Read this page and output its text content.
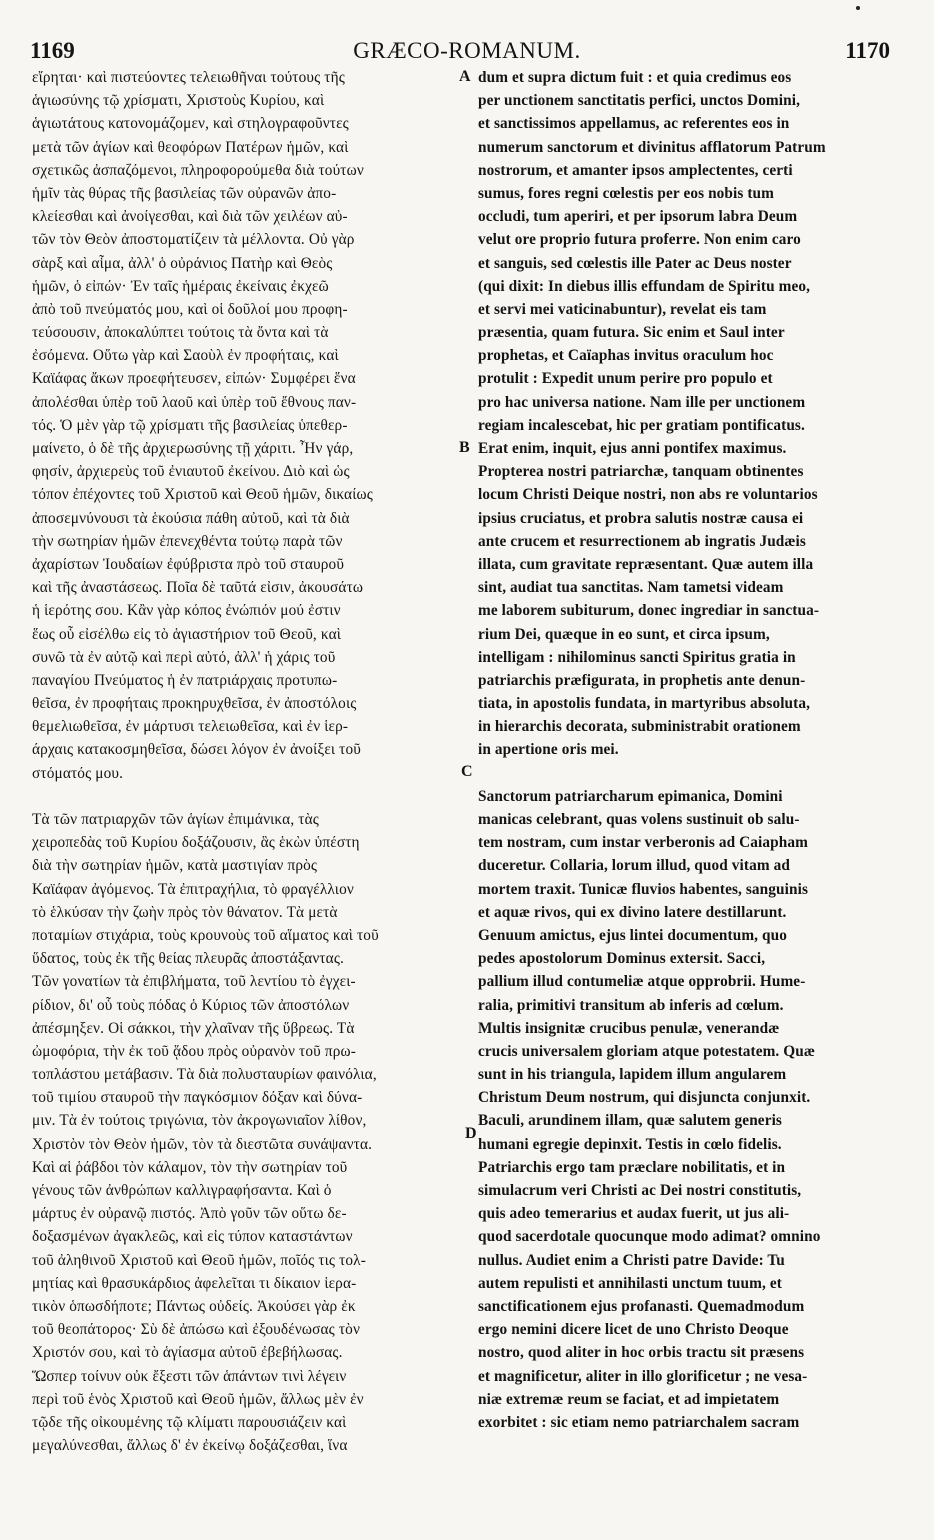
1169	GRÆCO-ROMANUM.	1170
εἴρηται· καὶ πιστεύοντες τελειωθῆναι τούτους τῆς
ἁγιωσύνης τῷ χρίσματι, Χριστοὺς Κυρίου, καὶ
ἁγιωτάτους κατονομάζομεν, καὶ στηλογραφοῦντες
μετὰ τῶν ἁγίων καὶ θεοφόρων Πατέρων ἡμῶν, καὶ
σχετικῶς ἀσπαζόμενοι, πληροφορούμεθα διὰ τούτων
ἡμῖν τὰς θύρας τῆς βασιλείας τῶν οὐρανῶν ἀπο-
κλείεσθαι καὶ ἀνοίγεσθαι, καὶ διὰ τῶν χειλέων αὐ-
τῶν τὸν Θεὸν ἀποστοματίζειν τὰ μέλλοντα. Οὐ γὰρ
σὰρξ καὶ αἷμα, ἀλλ' ὁ οὐράνιος Πατὴρ καὶ Θεὸς
ἡμῶν, ὁ εἰπών· Ἐν ταῖς ἡμέραις ἐκείναις ἐκχεῶ
ἀπὸ τοῦ πνεύματός μου, καὶ οἱ δοῦλοί μου προφη-
τεύσουσιν, ἀποκαλύπτει τούτοις τὰ ὄντα καὶ τὰ
ἐσόμενα. Οὕτω γὰρ καὶ Σαοὺλ ἐν προφήταις, καὶ
Καϊάφας ἄκων προεφήτευσεν, εἰπών· Συμφέρει ἕνα
ἀπολέσθαι ὑπὲρ τοῦ λαοῦ καὶ ὑπὲρ τοῦ ἔθνους παν-
τός. Ὁ μὲν γὰρ τῷ χρίσματι τῆς βασιλείας ὑπεθερ-
μαίνετο, ὁ δὲ τῆς ἀρχιερωσύνης τῇ χάριτι. Ἦν γάρ,
φησίν, ἀρχιερεὺς τοῦ ἐνιαυτοῦ ἐκείνου. Διὸ καὶ ὡς
τόπον ἐπέχοντες τοῦ Χριστοῦ καὶ Θεοῦ ἡμῶν, δικαίως
ἀποσεμνύνουσι τὰ ἑκούσια πάθη αὐτοῦ, καὶ τὰ διὰ
τὴν σωτηρίαν ἡμῶν ἐπενεχθέντα τούτῳ παρὰ τῶν
ἀχαρίστων Ἰουδαίων ἐφύβριστα πρὸ τοῦ σταυροῦ
καὶ τῆς ἀναστάσεως. Ποῖα δὲ ταῦτά εἰσιν, ἀκουσάτω
ἡ ἱερότης σου. Κἂν γὰρ κόπος ἐνώπιόν μού ἐστιν
ἕως οὗ εἰσέλθω εἰς τὸ ἁγιαστήριον τοῦ Θεοῦ, καὶ
συνῶ τὰ ἐν αὐτῷ καὶ περὶ αὐτό, ἀλλ' ἡ χάρις τοῦ
παναγίου Πνεύματος ἡ ἐν πατριάρχαις προτυπω-
θεῖσα, ἐν προφήταις προκηρυχθεῖσα, ἐν ἀποστόλοις
θεμελιωθεῖσα, ἐν μάρτυσι τελειωθεῖσα, καὶ ἐν ἱερ-
άρχαις κατακοσμηθεῖσα, δώσει λόγον ἐν ἀνοίξει τοῦ
στόματός μου.
Τὰ τῶν πατριαρχῶν τῶν ἁγίων ἐπιμάνικα, τὰς
χειροπεδὰς τοῦ Κυρίου δοξάζουσιν, ἃς ἑκὼν ὑπέστη
διὰ τὴν σωτηρίαν ἡμῶν, κατὰ μαστιγίαν πρὸς
Καϊάφαν ἀγόμενος. Τὰ ἐπιτραχήλια, τὸ φραγέλλιον
τὸ ἑλκύσαν τὴν ζωὴν πρὸς τὸν θάνατον. Τὰ μετὰ
ποταμίων στιχάρια, τοὺς κρουνοὺς τοῦ αἵματος καὶ τοῦ
ὕδατος, τοὺς ἐκ τῆς θείας πλευρᾶς ἀποστάξαντας.
Τῶν γονατίων τὰ ἐπιβλήματα, τοῦ λεντίου τὸ ἐγχει-
ρίδιον, δι' οὗ τοὺς πόδας ὁ Κύριος τῶν ἀποστόλων
ἀπέσμηξεν. Οἱ σάκκοι, τὴν χλαῖναν τῆς ὕβρεως. Τὰ
ὠμοφόρια, τὴν ἐκ τοῦ ᾅδου πρὸς οὐρανὸν τοῦ πρω-
τοπλάστου μετάβασιν. Τὰ διὰ πολυσταυρίων φαινόλια,
τοῦ τιμίου σταυροῦ τὴν παγκόσμιον δόξαν καὶ δύνα-
μιν. Τὰ ἐν τούτοις τριγώνια, τὸν ἀκρογωνιαῖον λίθον,
Χριστὸν τὸν Θεὸν ἡμῶν, τὸν τὰ διεστῶτα συνάψαντα.
Καὶ αἱ ῥάβδοι τὸν κάλαμον, τὸν τὴν σωτηρίαν τοῦ
γένους τῶν ἀνθρώπων καλλιγραφήσαντα. Καὶ ὁ
μάρτυς ἐν οὐρανῷ πιστός. Ἀπὸ γοῦν τῶν οὕτω δε-
δοξασμένων ἀγακλεῶς, καὶ εἰς τύπον καταστάντων
τοῦ ἀληθινοῦ Χριστοῦ καὶ Θεοῦ ἡμῶν, ποῖός τις τολ-
μητίας καὶ θρασυκάρδιος ἀφελεῖται τι δίκαιον ἱερα-
τικὸν ὁπωσδήποτε; Πάντως οὐδείς. Ἀκούσει γὰρ ἐκ
τοῦ θεοπάτορος· Σὺ δὲ ἀπώσω καὶ ἐξουδένωσας τὸν
Χριστόν σου, καὶ τὸ ἁγίασμα αὐτοῦ ἐβεβήλωσας.
Ὥσπερ τοίνυν οὐκ ἔξεστι τῶν ἁπάντων τινὶ λέγειν
περὶ τοῦ ἑνὸς Χριστοῦ καὶ Θεοῦ ἡμῶν, ἄλλως μὲν ἐν
τῷδε τῆς οἰκουμένης τῷ κλίματι παρουσιάζειν καὶ
μεγαλύνεσθαι, ἄλλως δ' ἐν ἐκείνῳ δοξάζεσθαι, ἵνα
dum et supra dictum fuit : et quia credimus eos
per unctionem sanctitatis perfici, unctos Domini,
et sanctissimos appellamus, ac referentes eos in
numerum sanctorum et divinitus afflatorum Patrum
nostrorum, et amanter ipsos amplectentes, certi
sumus, fores regni cœlestis per eos nobis tum
occludi, tum aperiri, et per ipsorum labra Deum
velut ore proprio futura proferre. Non enim caro
et sanguis, sed cœlestis ille Pater ac Deus noster
(qui dixit: In diebus illis effundam de Spiritu meo,
et servi mei vaticinabuntur), revelat eis tam
præsentia, quam futura. Sic enim et Saul inter
prophetas, et Caïaphas invitus oraculum hoc
protulit : Expedit unum perire pro populo et
pro hac universa natione. Nam ille per unctionem
regiam incalescebat, hic per gratiam pontificatus.
Erat enim, inquit, ejus anni pontifex maximus.
Propterea nostri patriarchæ, tanquam obtinentes
locum Christi Deique nostri, non abs re voluntarios
ipsius cruciatus, et probra salutis nostræ causa ei
ante crucem et resurrectionem ab ingratis Judæis
illata, cum gravitate repræsentant. Quæ autem illa
sint, audiat tua sanctitas. Nam tametsi videam
me laborem subiturum, donec ingrediar in sanctua-
rium Dei, quæque in eo sunt, et circa ipsum,
intelligam : nihilominus sancti Spiritus gratia in
patriarchis præfigurata, in prophetis ante denun-
tiata, in apostolis fundata, in martyribus absoluta,
in hierarchis decorata, subministrabit orationem
in apertione oris mei.
Sanctorum patriarcharum epimanica, Domini
manicas celebrant, quas volens sustinuit ob salu-
tem nostram, cum instar verberonis ad Caiapham
duceretur. Collaria, lorum illud, quod vitam ad
mortem traxit. Tunicæ fluvios habentes, sanguinis
et aquæ rivos, qui ex divino latere destillarunt.
Genuum amictus, ejus lintei documentum, quo
pedes apostolorum Dominus extersit. Sacci,
pallium illud contumeliæ atque opprobrii. Hume-
ralia, primitivi transitum ab inferis ad cœlum.
Multis insignitæ crucibus penulæ, venerandæ
crucis universalem gloriam atque potestatem. Quæ
sunt in his triangula, lapidem illum angularem
Christum Deum nostrum, qui disjuncta conjunxit.
Baculi, arundinem illam, quæ salutem generis
humani egregie depinxit. Testis in cœlo fidelis.
Patriarchis ergo tam præclare nobilitatis, et in
simulacrum veri Christi ac Dei nostri constitutis,
quis adeo temerarius et audax fuerit, ut jus ali-
quod sacerdotale quocunque modo adimat? omnino
nullus. Audiet enim a Christi patre Davide: Tu
autem repulisti et annihilasti unctum tuum, et
sanctificationem ejus profanasti. Quemadmodum
ergo nemini dicere licet de uno Christo Deoque
nostro, quod aliter in hoc orbis tractu sit præsens
et magnificetur, aliter in illo glorificetur ; ne vesa-
niæ extremæ reum se faciat, et ad impietatem
exorbitet : sic etiam nemo patriarchalem sacram
A
B
C
D
